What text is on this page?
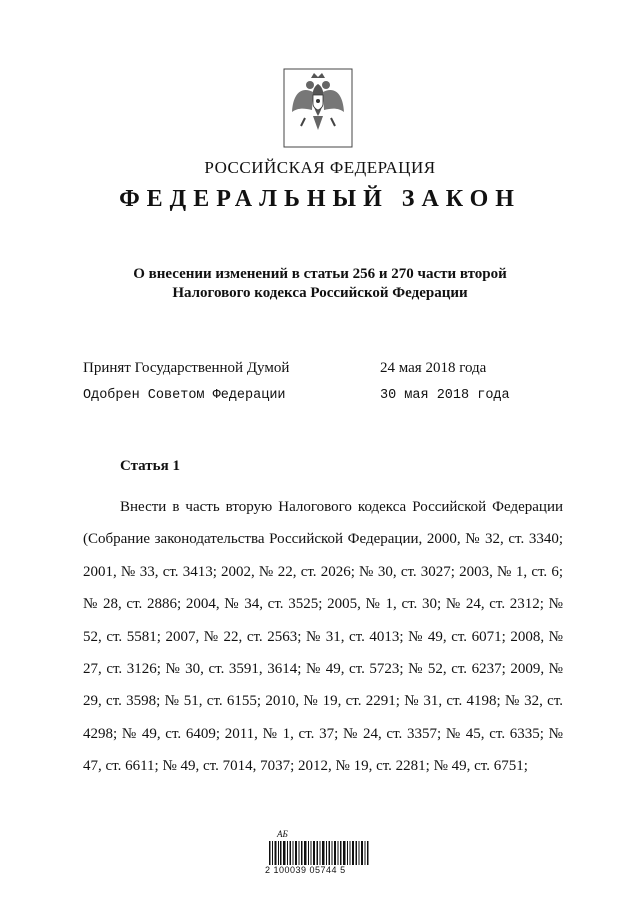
РОССИЙСКАЯ ФЕДЕРАЦИЯ
ФЕДЕРАЛЬНЫЙ ЗАКОН
О внесении изменений в статьи 256 и 270 части второй
Налогового кодекса Российской Федерации
Принят Государственной Думой	24 мая 2018 года
Одобрен Советом Федерации	30 мая 2018 года
Статья 1
Внести в часть вторую Налогового кодекса Российской Федерации (Собрание законодательства Российской Федерации, 2000, № 32, ст. 3340; 2001, № 33, ст. 3413; 2002, № 22, ст. 2026; № 30, ст. 3027; 2003, № 1, ст. 6; № 28, ст. 2886; 2004, № 34, ст. 3525; 2005, № 1, ст. 30; № 24, ст. 2312; № 52, ст. 5581; 2007, № 22, ст. 2563; № 31, ст. 4013; № 49, ст. 6071; 2008, № 27, ст. 3126; № 30, ст. 3591, 3614; № 49, ст. 5723; № 52, ст. 6237; 2009, № 29, ст. 3598; № 51, ст. 6155; 2010, № 19, ст. 2291; № 31, ст. 4198; № 32, ст. 4298; № 49, ст. 6409; 2011, № 1, ст. 37; № 24, ст. 3357; № 45, ст. 6335; № 47, ст. 6611; № 49, ст. 7014, 7037; 2012, № 19, ст. 2281; № 49, ст. 6751;
АБ
2 100039 05744 5
